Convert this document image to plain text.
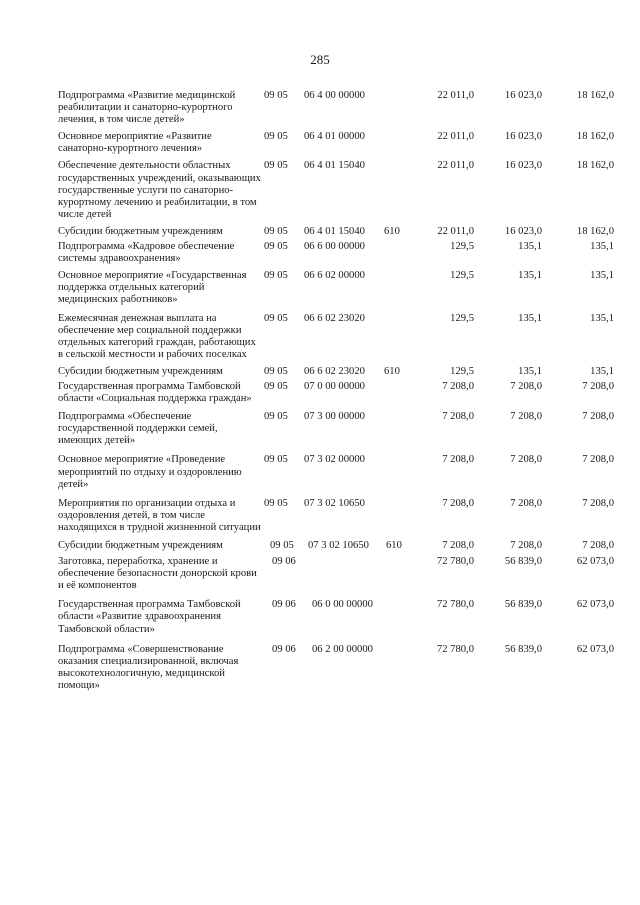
285
Подпрограмма «Развитие медицинской реабилитации и санаторно-курортного лечения, в том числе детей»
09 05 06 4 00 00000	22 011,0	16 023,0	18 162,0
Основное мероприятие «Развитие санаторно-курортного лечения»
09 05 06 4 01 00000	22 011,0	16 023,0	18 162,0
Обеспечение деятельности областных государственных учреждений, оказывающих государственные услуги по санаторно-курортному лечению и реабилитации, в том числе детей
09 05 06 4 01 15040	22 011,0	16 023,0	18 162,0
Субсидии бюджетным учреждениям	09 05 06 4 01 15040 610	22 011,0	16 023,0	18 162,0
Подпрограмма «Кадровое обеспечение системы здравоохранения»
09 05 06 6 00 00000	129,5	135,1	135,1
Основное мероприятие «Государственная поддержка отдельных категорий медицинских работников»
09 05 06 6 02 00000	129,5	135,1	135,1
Ежемесячная денежная выплата на обеспечение мер социальной поддержки отдельных категорий граждан, работающих в сельской местности и рабочих поселках
09 05 06 6 02 23020	129,5	135,1	135,1
Субсидии бюджетным учреждениям	09 05 06 6 02 23020 610	129,5	135,1	135,1
Государственная программа Тамбовской области «Социальная поддержка граждан»
09 05 07 0 00 00000	7 208,0	7 208,0	7 208,0
Подпрограмма «Обеспечение государственной поддержки семей, имеющих детей»
09 05 07 3 00 00000	7 208,0	7 208,0	7 208,0
Основное мероприятие «Проведение мероприятий по отдыху и оздоровлению детей»
09 05 07 3 02 00000	7 208,0	7 208,0	7 208,0
Мероприятия по организации отдыха и оздоровления детей, в том числе находящихся в трудной жизненной ситуации
09 05 07 3 02 10650	7 208,0	7 208,0	7 208,0
Субсидии бюджетным учреждениям	09 05 07 3 02 10650 610	7 208,0	7 208,0	7 208,0
Заготовка, переработка, хранение и обеспечение безопасности донорской крови и её компонентов
09 06	72 780,0	56 839,0	62 073,0
Государственная программа Тамбовской области «Развитие здравоохранения Тамбовской области»
09 06 06 0 00 00000	72 780,0	56 839,0	62 073,0
Подпрограмма «Совершенствование оказания специализированной, включая высокотехнологичную, медицинской помощи»
09 06 06 2 00 00000	72 780,0	56 839,0	62 073,0
